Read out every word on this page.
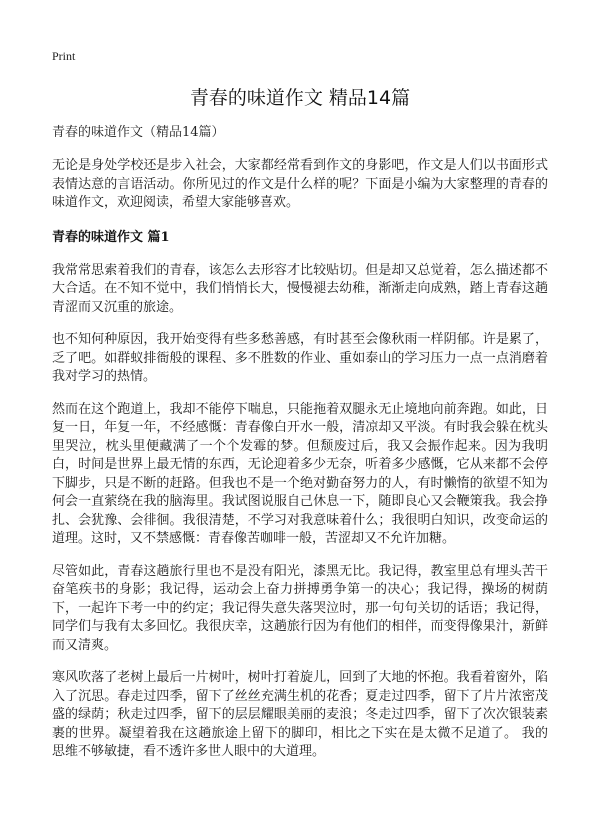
Print

青春的味道作文 精品14篇

青春的味道作文（精品14篇）

无论是身处学校还是步入社会，大家都经常看到作文的身影吧，作文是人们以书面形式表情达意的言语活动。你所见过的作文是什么样的呢？下面是小编为大家整理的青春的味道作文，欢迎阅读，希望大家能够喜欢。

青春的味道作文 篇1

我常常思索着我们的青春，该怎么去形容才比较贴切。但是却又总觉着，怎么描述都不大合适。在不知不觉中，我们悄悄长大，慢慢褪去幼稚，渐渐走向成熟，踏上青春这趟青涩而又沉重的旅途。

也不知何种原因，我开始变得有些多愁善感，有时甚至会像秋雨一样阴郁。许是累了，乏了吧。如群蚁排衙般的课程、多不胜数的作业、重如泰山的学习压力一点一点消磨着我对学习的热情。

然而在这个跑道上，我却不能停下喘息，只能拖着双腿永无止境地向前奔跑。如此，日复一日，年复一年，不经感慨：青春像白开水一般，清凉却又平淡。有时我会躲在枕头里哭泣，枕头里便藏满了一个个发霉的梦。但颓废过后，我又会振作起来。因为我明白，时间是世界上最无情的东西，无论迎着多少无奈，听着多少感慨，它从来都不会停下脚步，只是不断的赶路。但我也不是一个绝对勤奋努力的人，有时懒惰的欲望不知为何会一直萦绕在我的脑海里。我试图说服自己休息一下，随即良心又会鞭策我。我会挣扎、会犹豫、会徘徊。我很清楚，不学习对我意味着什么；我很明白知识，改变命运的道理。这时，又不禁感慨：青春像苦咖啡一般，苦涩却又不允许加糖。

尽管如此，青春这趟旅行里也不是没有阳光，漆黑无比。我记得，教室里总有埋头苦干奋笔疾书的身影；我记得，运动会上奋力拼搏勇争第一的决心；我记得，操场的树荫下，一起许下考一中的约定；我记得失意失落哭泣时，那一句句关切的话语；我记得，同学们与我有太多回忆。我很庆幸，这趟旅行因为有他们的相伴，而变得像果汁，新鲜而又清爽。

寒风吹落了老树上最后一片树叶，树叶打着旋儿，回到了大地的怀抱。我看着窗外，陷入了沉思。春走过四季，留下了丝丝充满生机的花香；夏走过四季，留下了片片浓密茂盛的绿荫；秋走过四季，留下的层层耀眼美丽的麦浪；冬走过四季，留下了次次银装素裹的世界。凝望着我在这趟旅途上留下的脚印，相比之下实在是太微不足道了。 我的思维不够敏捷，看不透许多世人眼中的大道理。
